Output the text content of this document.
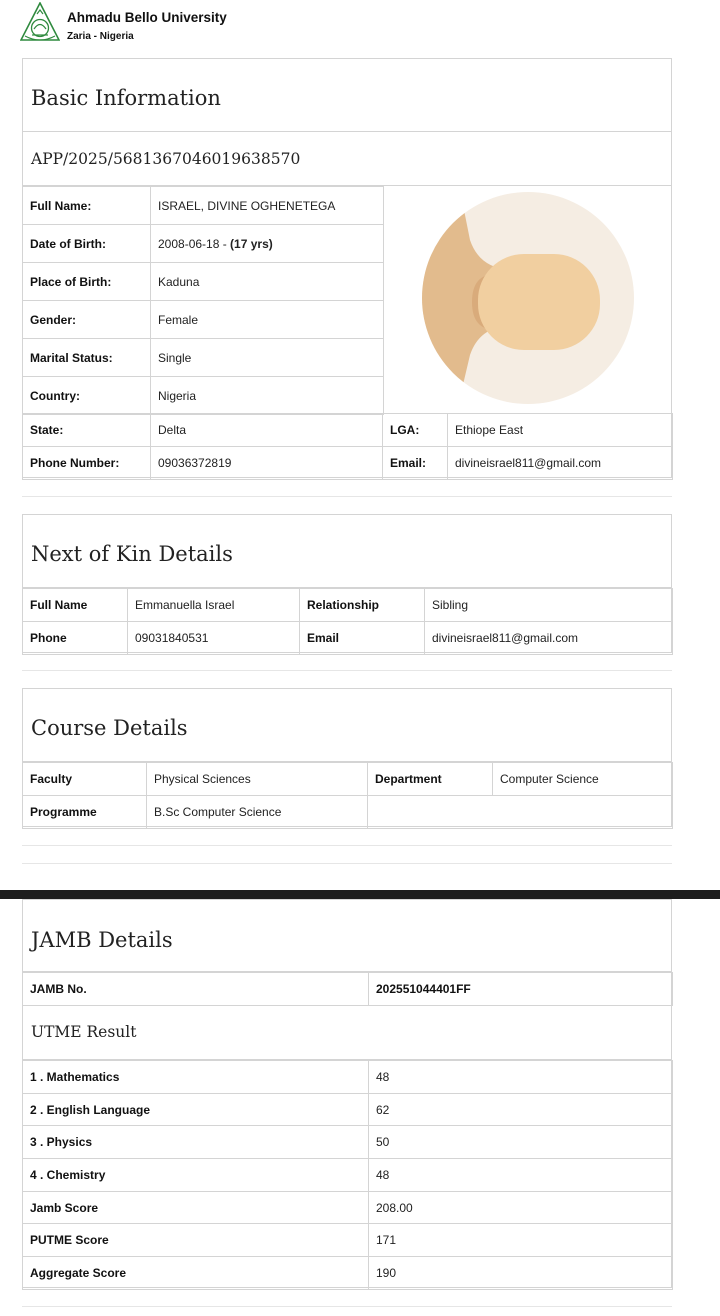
Ahmadu Bello University
Zaria - Nigeria
Basic Information
APP/2025/5681367046019638570
Full Name:	ISRAEL, DIVINE OGHENETEGA
Date of Birth:	2008-06-18 - (17 yrs)
Place of Birth:	Kaduna
Gender:	Female
Marital Status:	Single
Country:	Nigeria
State:	Delta	LGA:	Ethiope East
Phone Number:	09036372819	Email:	divineisrael811@gmail.com
Next of Kin Details
Full Name	Emmanuella Israel	Relationship	Sibling
Phone	09031840531	Email	divineisrael811@gmail.com
Course Details
Faculty	Physical Sciences	Department	Computer Science
Programme	B.Sc Computer Science		
JAMB Details
JAMB No.	202551044401FF
UTME Result
1 . Mathematics	48
2 . English Language	62
3 . Physics	50
4 . Chemistry	48
Jamb Score	208.00
PUTME Score	171
Aggregate Score	190
